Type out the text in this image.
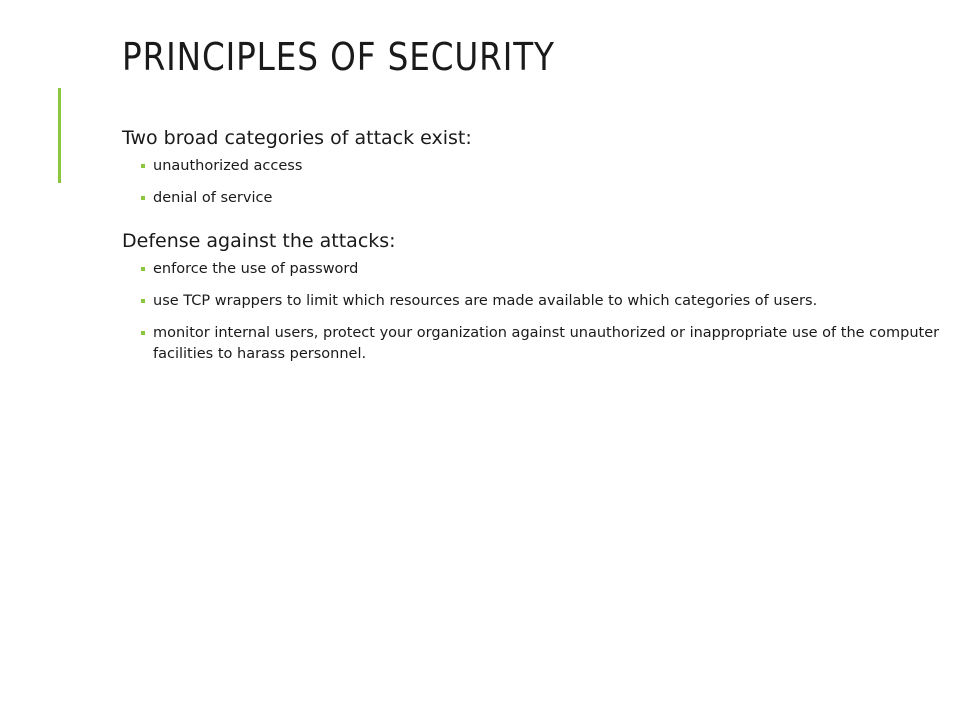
PRINCIPLES OF SECURITY

Two broad categories of attack exist:

unauthorized access
denial of service

Defense against the attacks:

enforce the use of password
use TCP wrappers to limit which resources are made available to which categories of users.
monitor internal users, protect your organization against unauthorized or inappropriate use of the computer facilities to harass personnel.
